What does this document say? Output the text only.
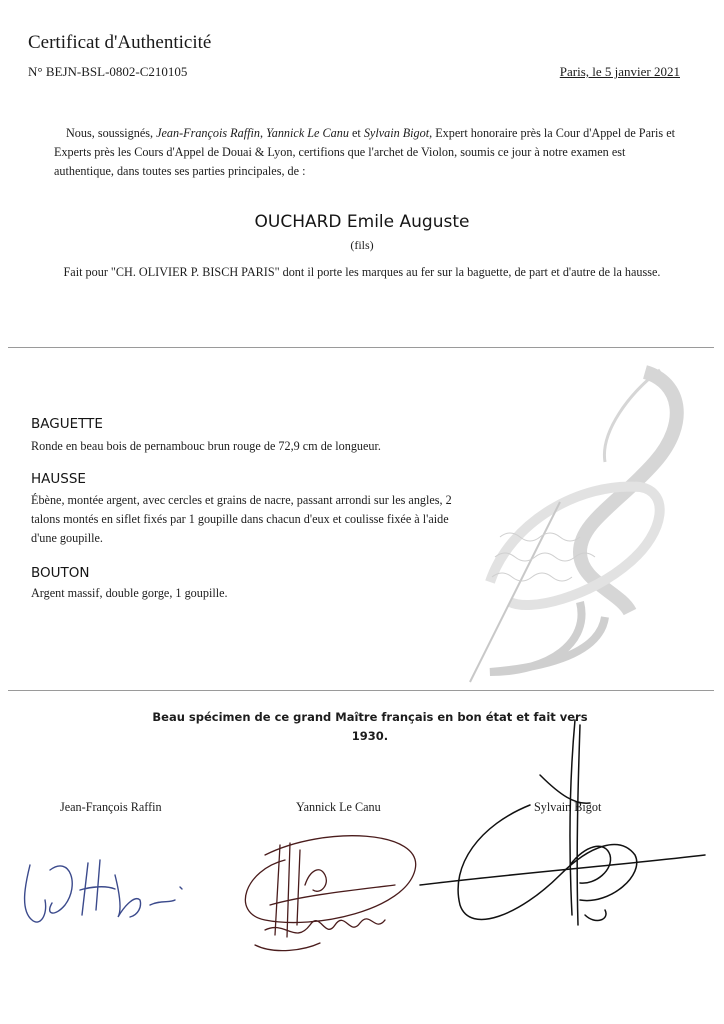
Certificat d'Authenticité
N° BEJN-BSL-0802-C210105	Paris, le 5 janvier 2021
Nous, soussignés, Jean-François Raffin, Yannick Le Canu et Sylvain Bigot, Expert honoraire près la Cour d'Appel de Paris et Experts près les Cours d'Appel de Douai & Lyon, certifions que l'archet de Violon, soumis ce jour à notre examen est authentique, dans toutes ses parties principales, de :
OUCHARD Emile Auguste
(fils)
Fait pour "CH. OLIVIER P. BISCH PARIS" dont il porte les marques au fer sur la baguette, de part et d'autre de la hausse.
BAGUETTE
Ronde en beau bois de pernambouc brun rouge de 72,9 cm de longueur.
HAUSSE
Ébène, montée argent, avec cercles et grains de nacre, passant arrondi sur les angles, 2 talons montés en siflet fixés par 1 goupille dans chacun d'eux et coulisse fixée à l'aide d'une goupille.
BOUTON
Argent massif, double gorge, 1 goupille.
Beau spécimen de ce grand Maître français en bon état et fait vers 1930.
Jean-François Raffin	Yannick Le Canu	Sylvain Bigot
